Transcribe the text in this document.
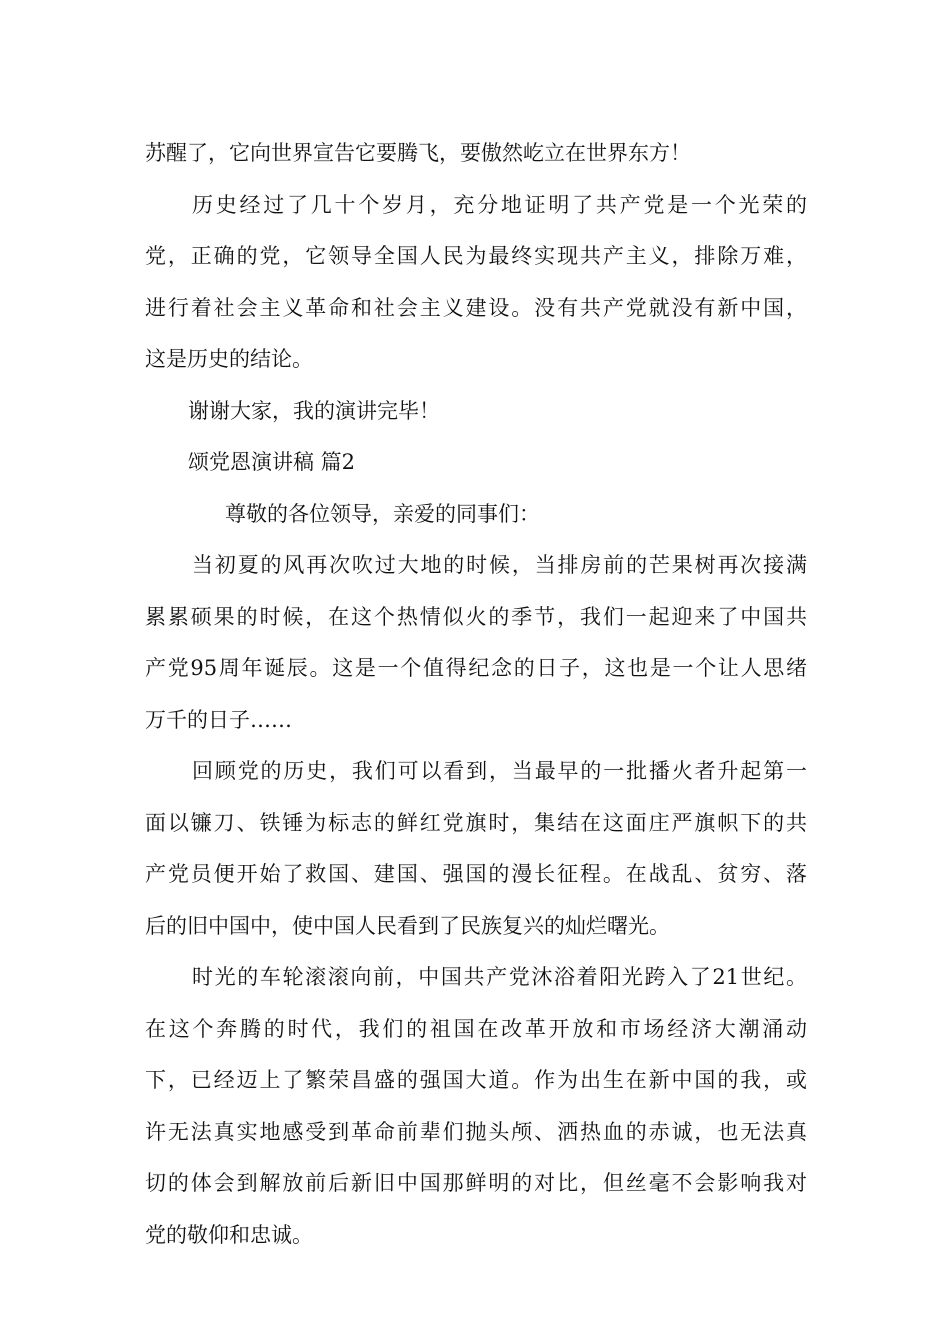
苏醒了，它向世界宣告它要腾飞，要傲然屹立在世界东方！
历史经过了几十个岁月，充分地证明了共产党是一个光荣的
党，正确的党，它领导全国人民为最终实现共产主义，排除万难，
进行着社会主义革命和社会主义建设。没有共产党就没有新中国，
这是历史的结论。
谢谢大家，我的演讲完毕！
颂党恩演讲稿 篇2
尊敬的各位领导，亲爱的同事们：
当初夏的风再次吹过大地的时候，当排房前的芒果树再次接满
累累硕果的时候，在这个热情似火的季节，我们一起迎来了中国共
产党95周年诞辰。这是一个值得纪念的日子，这也是一个让人思绪
万千的日子……
回顾党的历史，我们可以看到，当最早的一批播火者升起第一
面以镰刀、铁锤为标志的鲜红党旗时，集结在这面庄严旗帜下的共
产党员便开始了救国、建国、强国的漫长征程。在战乱、贫穷、落
后的旧中国中，使中国人民看到了民族复兴的灿烂曙光。
时光的车轮滚滚向前，中国共产党沐浴着阳光跨入了21世纪。
在这个奔腾的时代，我们的祖国在改革开放和市场经济大潮涌动
下，已经迈上了繁荣昌盛的强国大道。作为出生在新中国的我，或
许无法真实地感受到革命前辈们抛头颅、洒热血的赤诚，也无法真
切的体会到解放前后新旧中国那鲜明的对比，但丝毫不会影响我对
党的敬仰和忠诚。
